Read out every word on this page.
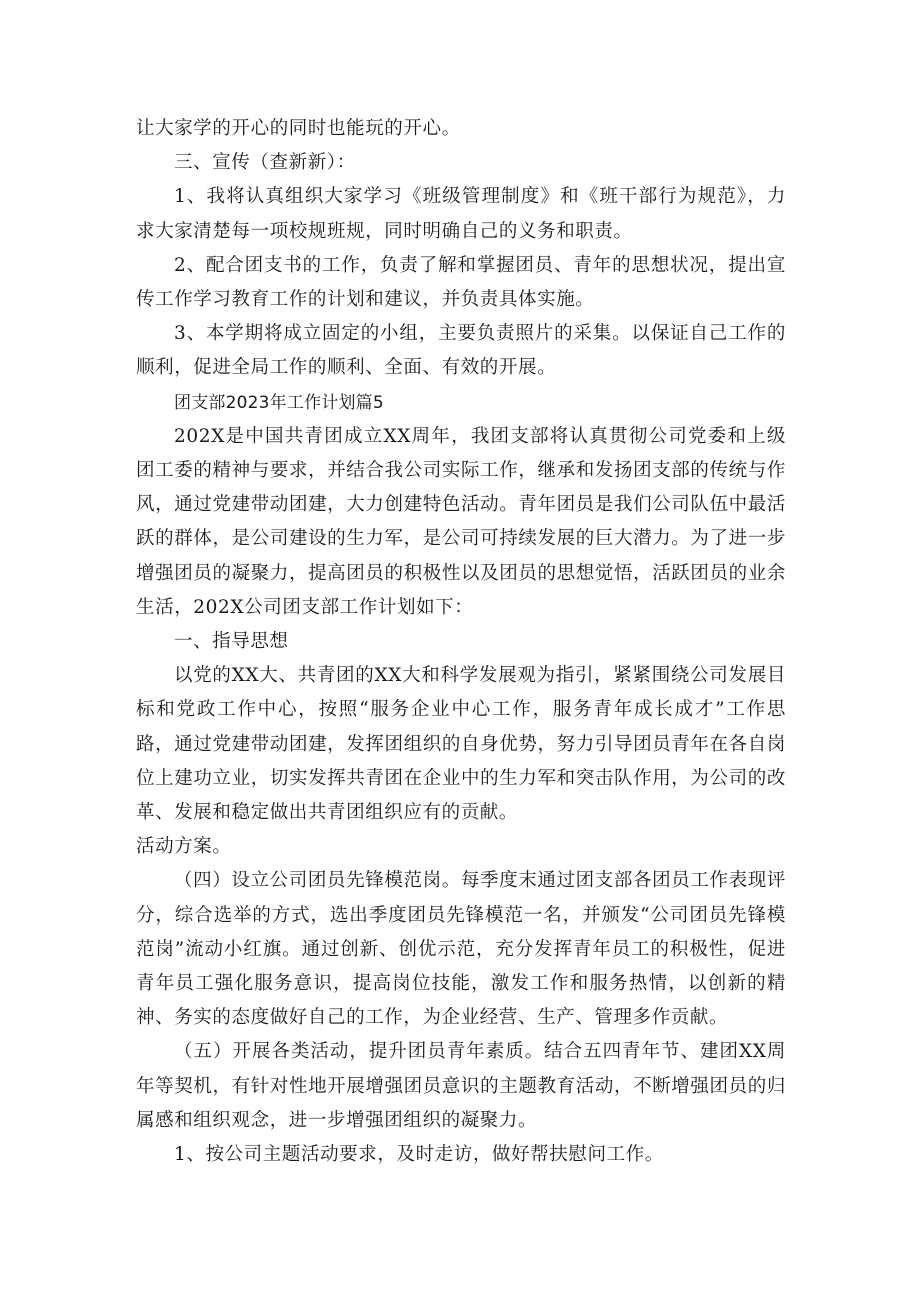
让大家学的开心的同时也能玩的开心。

三、宣传（查新新）：

1、我将认真组织大家学习《班级管理制度》和《班干部行为规范》，力求大家清楚每一项校规班规，同时明确自己的义务和职责。

2、配合团支书的工作，负责了解和掌握团员、青年的思想状况，提出宣传工作学习教育工作的计划和建议，并负责具体实施。

3、本学期将成立固定的小组，主要负责照片的采集。以保证自己工作的顺利，促进全局工作的顺利、全面、有效的开展。

团支部2023年工作计划篇5

202X是中国共青团成立XX周年，我团支部将认真贯彻公司党委和上级团工委的精神与要求，并结合我公司实际工作，继承和发扬团支部的传统与作风，通过党建带动团建，大力创建特色活动。青年团员是我们公司队伍中最活跃的群体，是公司建设的生力军，是公司可持续发展的巨大潜力。为了进一步增强团员的凝聚力，提高团员的积极性以及团员的思想觉悟，活跃团员的业余生活，202X公司团支部工作计划如下：

一、指导思想

以党的XX大、共青团的XX大和科学发展观为指引，紧紧围绕公司发展目标和党政工作中心，按照“服务企业中心工作，服务青年成长成才”工作思路，通过党建带动团建，发挥团组织的自身优势，努力引导团员青年在各自岗位上建功立业，切实发挥共青团在企业中的生力军和突击队作用，为公司的改革、发展和稳定做出共青团组织应有的贡献。

活动方案。

（四）设立公司团员先锋模范岗。每季度末通过团支部各团员工作表现评分，综合选举的方式，选出季度团员先锋模范一名，并颁发“公司团员先锋模范岗”流动小红旗。通过创新、创优示范，充分发挥青年员工的积极性，促进青年员工强化服务意识，提高岗位技能，激发工作和服务热情，以创新的精神、务实的态度做好自己的工作，为企业经营、生产、管理多作贡献。

（五）开展各类活动，提升团员青年素质。结合五四青年节、建团XX周年等契机，有针对性地开展增强团员意识的主题教育活动，不断增强团员的归属感和组织观念，进一步增强团组织的凝聚力。

1、按公司主题活动要求，及时走访，做好帮扶慰问工作。
